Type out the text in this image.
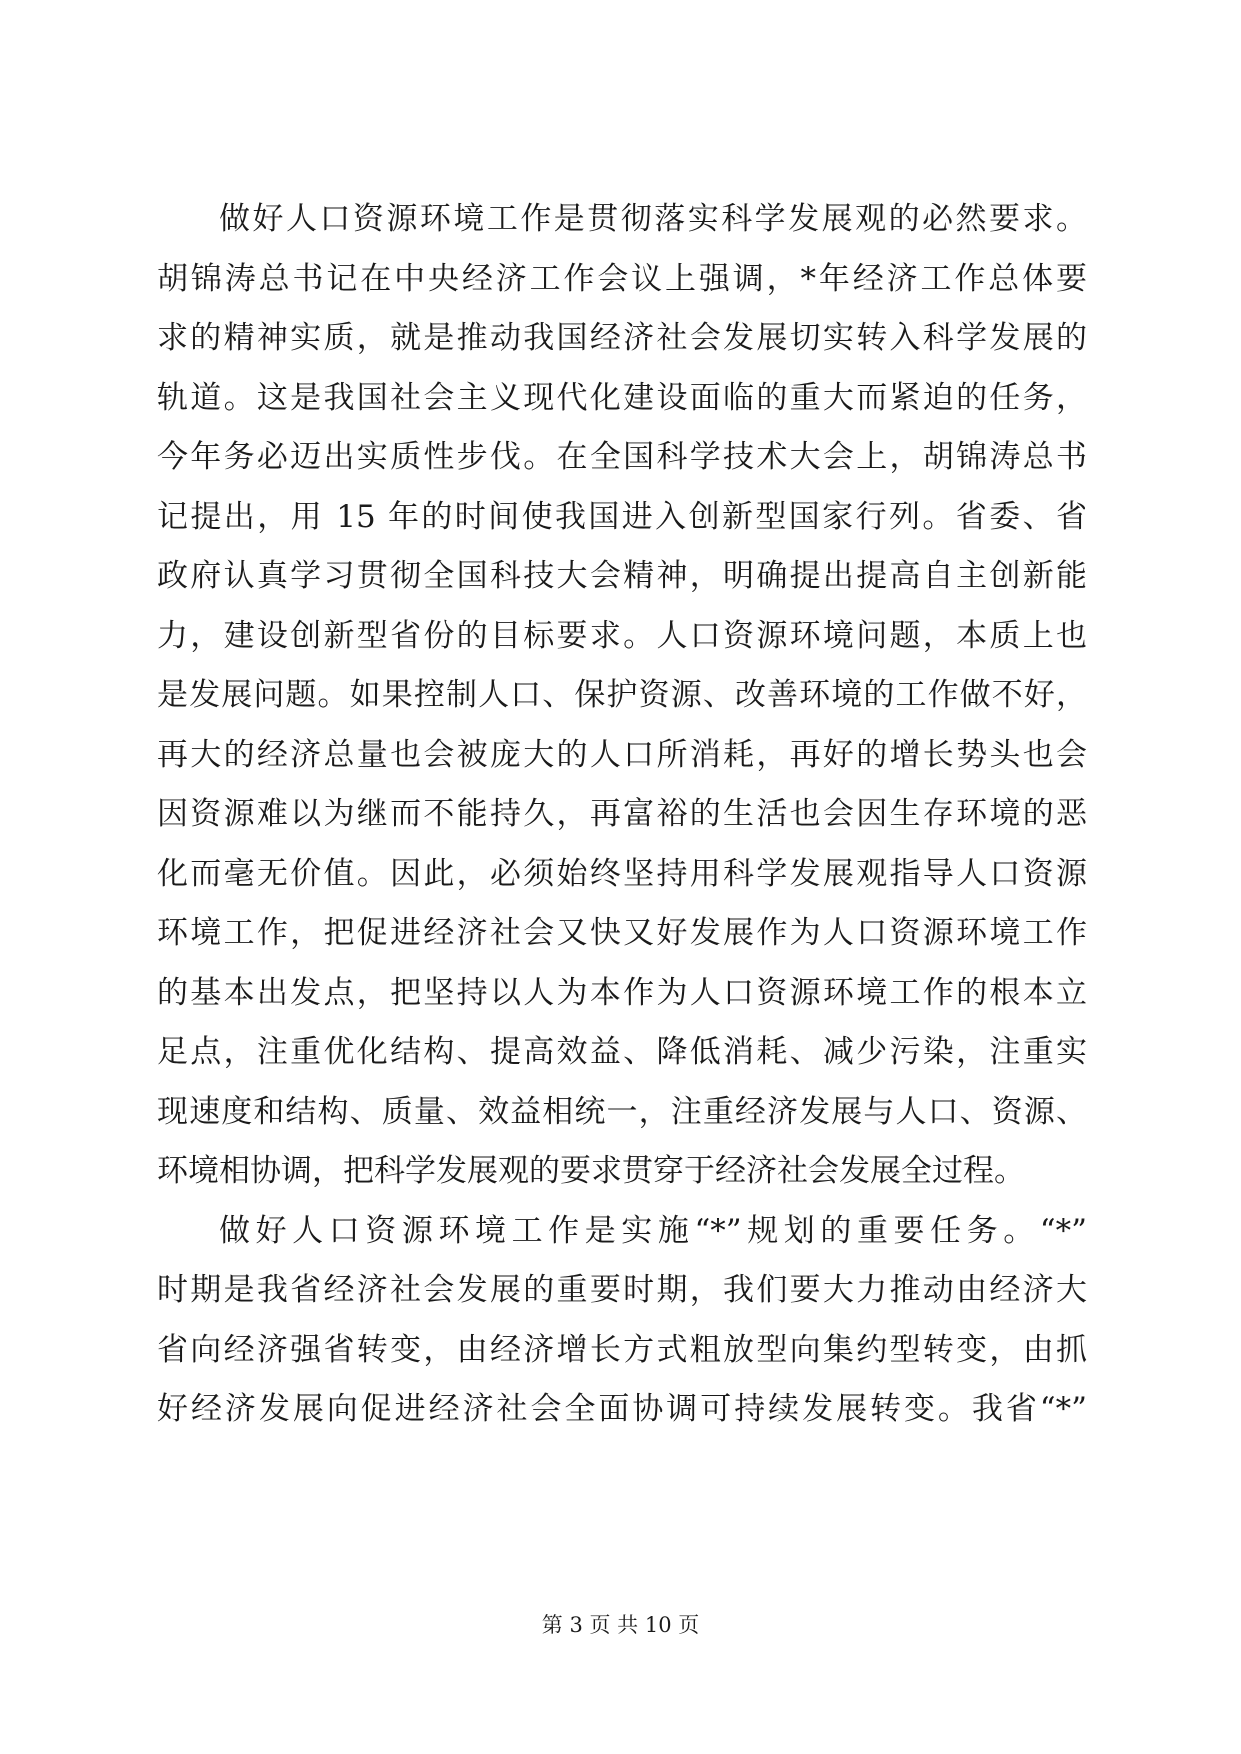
做好人口资源环境工作是贯彻落实科学发展观的必然要求。
胡锦涛总书记在中央经济工作会议上强调，*年经济工作总体要
求的精神实质，就是推动我国经济社会发展切实转入科学发展的
轨道。这是我国社会主义现代化建设面临的重大而紧迫的任务，
今年务必迈出实质性步伐。在全国科学技术大会上，胡锦涛总书
记提出，用 15 年的时间使我国进入创新型国家行列。省委、省
政府认真学习贯彻全国科技大会精神，明确提出提高自主创新能
力，建设创新型省份的目标要求。人口资源环境问题，本质上也
是发展问题。如果控制人口、保护资源、改善环境的工作做不好，
再大的经济总量也会被庞大的人口所消耗，再好的增长势头也会
因资源难以为继而不能持久，再富裕的生活也会因生存环境的恶
化而毫无价值。因此，必须始终坚持用科学发展观指导人口资源
环境工作，把促进经济社会又快又好发展作为人口资源环境工作
的基本出发点，把坚持以人为本作为人口资源环境工作的根本立
足点，注重优化结构、提高效益、降低消耗、减少污染，注重实
现速度和结构、质量、效益相统一，注重经济发展与人口、资源、
环境相协调，把科学发展观的要求贯穿于经济社会发展全过程。
做好人口资源环境工作是实施“*”规划的重要任务。“*”
时期是我省经济社会发展的重要时期，我们要大力推动由经济大
省向经济强省转变，由经济增长方式粗放型向集约型转变，由抓
好经济发展向促进经济社会全面协调可持续发展转变。我省“*”
第 3 页 共 10 页
